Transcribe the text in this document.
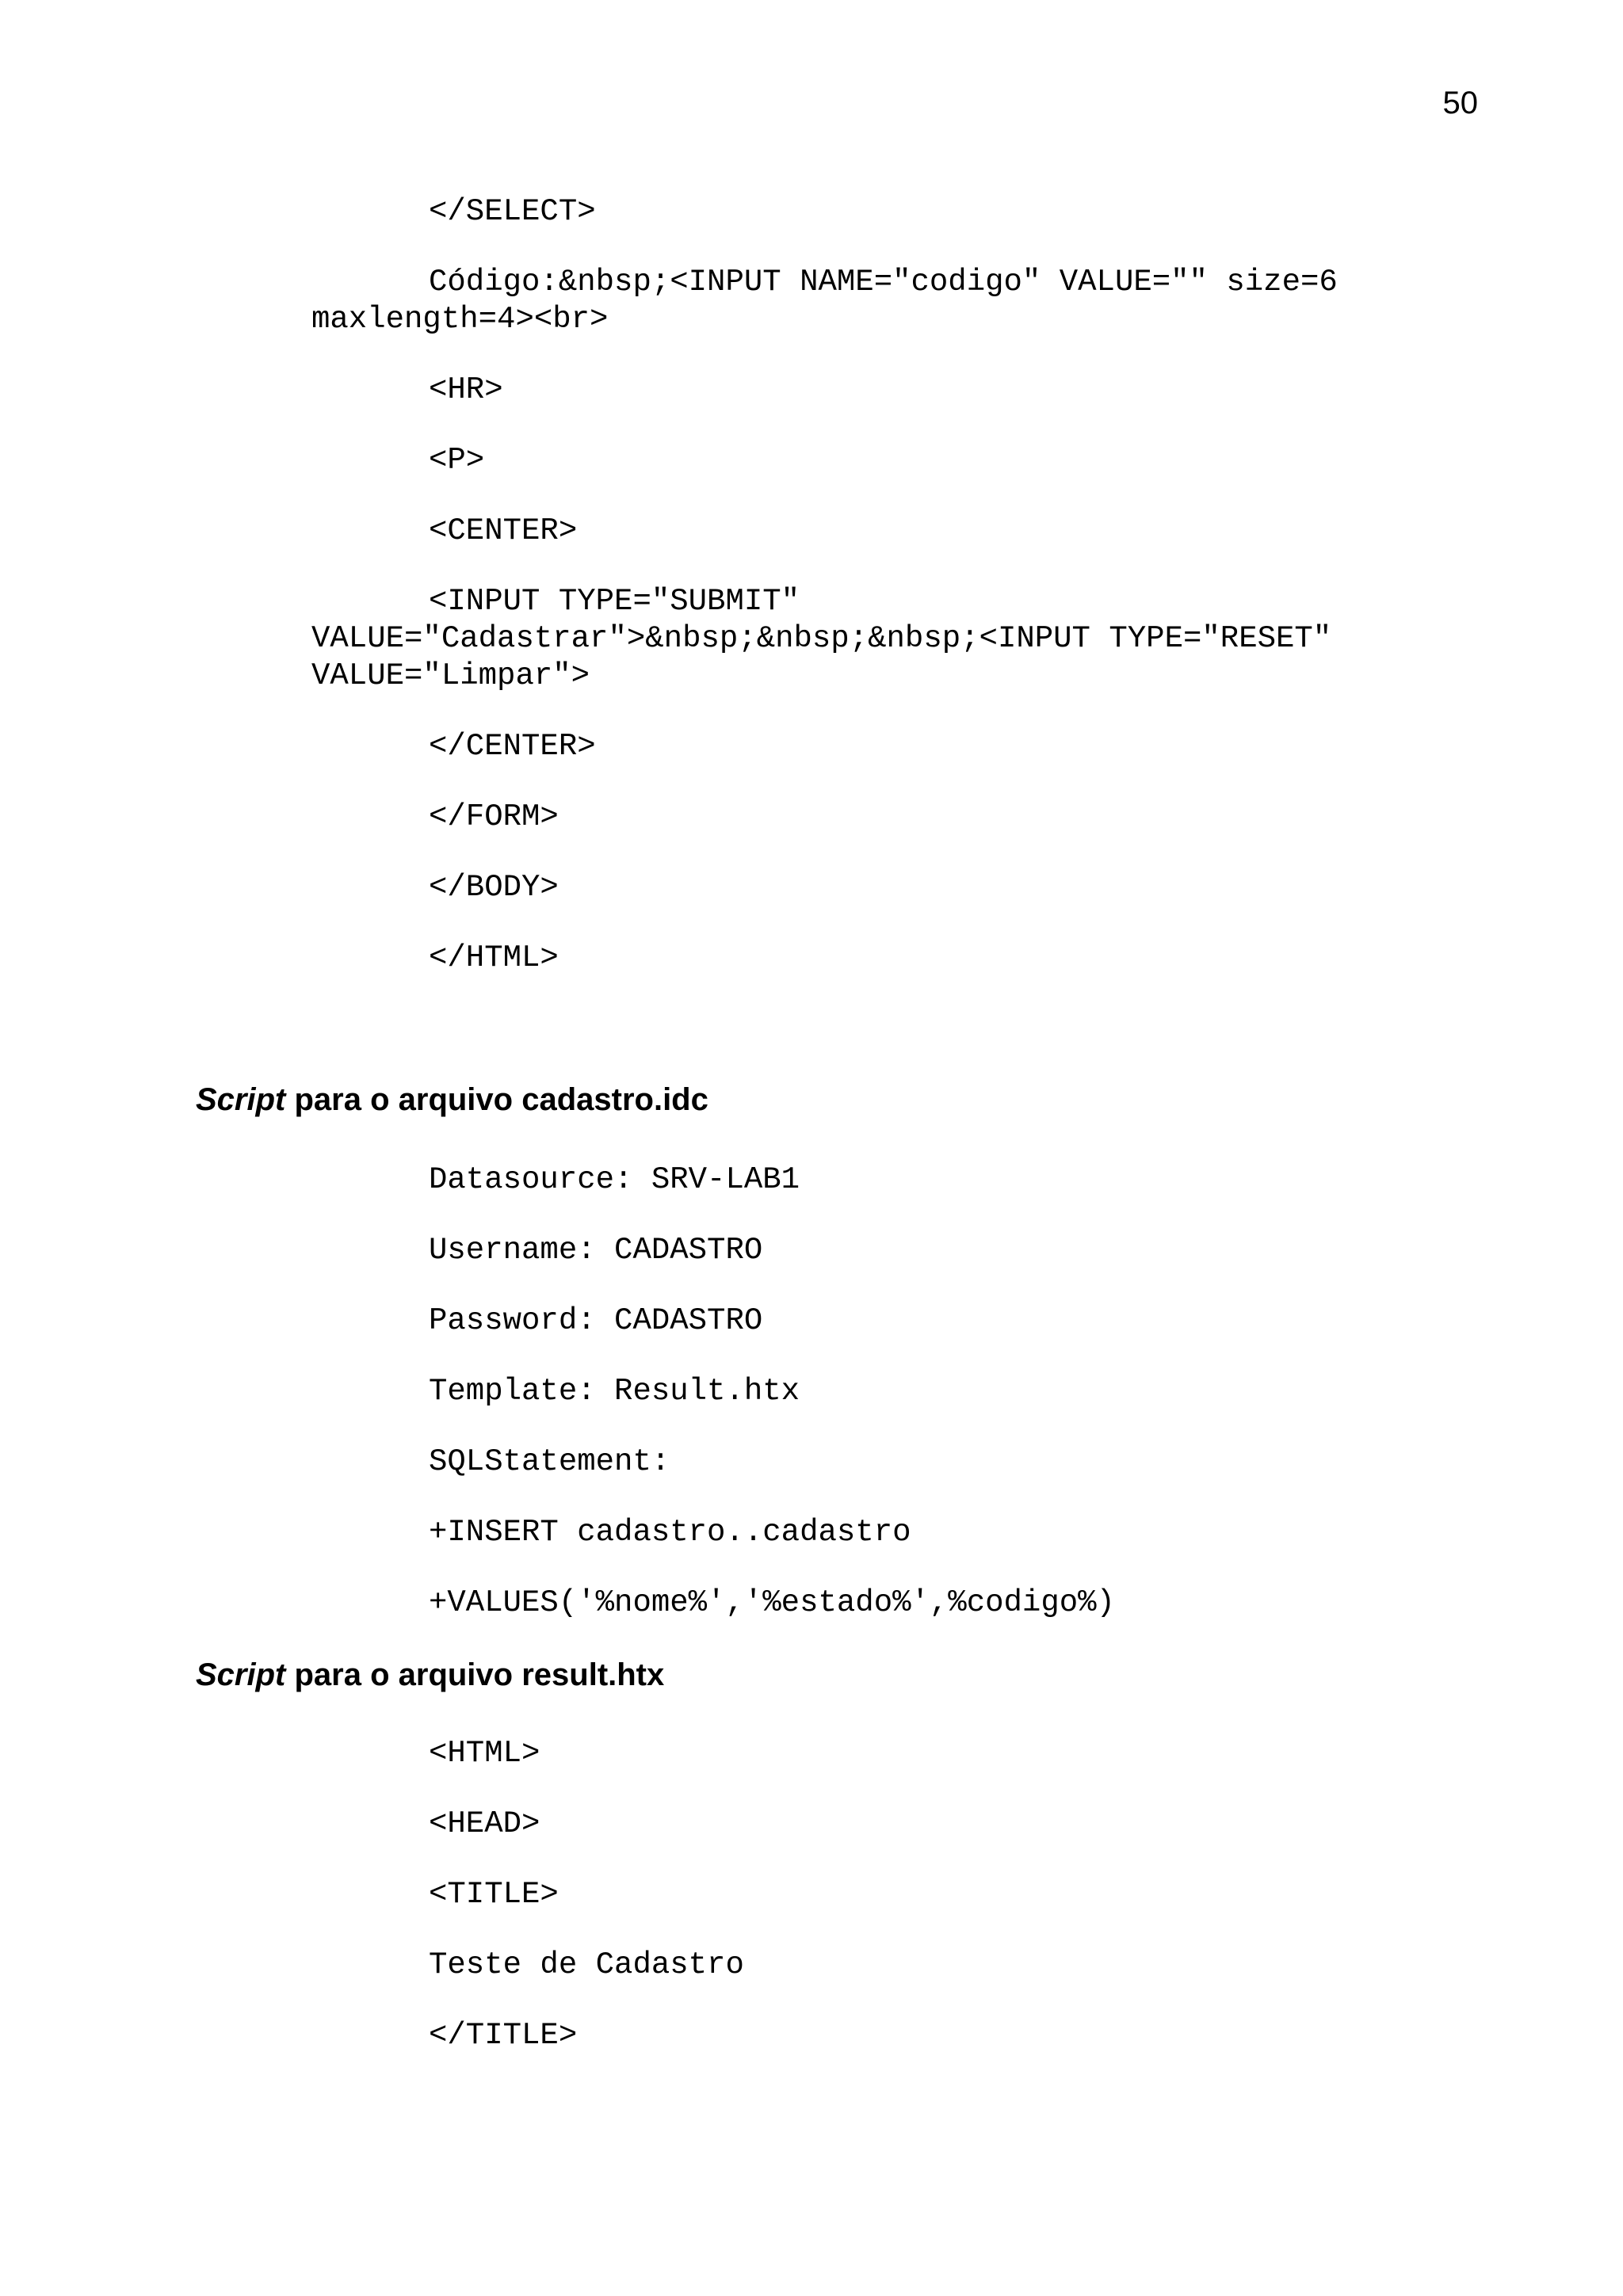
50
</SELECT>
Código:&nbsp;<INPUT NAME="codigo" VALUE="" size=6
maxlength=4><br>
<HR>
<P>
<CENTER>
<INPUT TYPE="SUBMIT"
VALUE="Cadastrar">&nbsp;&nbsp;&nbsp;<INPUT TYPE="RESET"
VALUE="Limpar">
</CENTER>
</FORM>
</BODY>
</HTML>
Script para o arquivo cadastro.idc
Datasource: SRV-LAB1
Username: CADASTRO
Password: CADASTRO
Template: Result.htx
SQLStatement:
+INSERT cadastro..cadastro
+VALUES('%nome%','%estado%',%codigo%)
Script para o arquivo result.htx
<HTML>
<HEAD>
<TITLE>
Teste de Cadastro
</TITLE>
